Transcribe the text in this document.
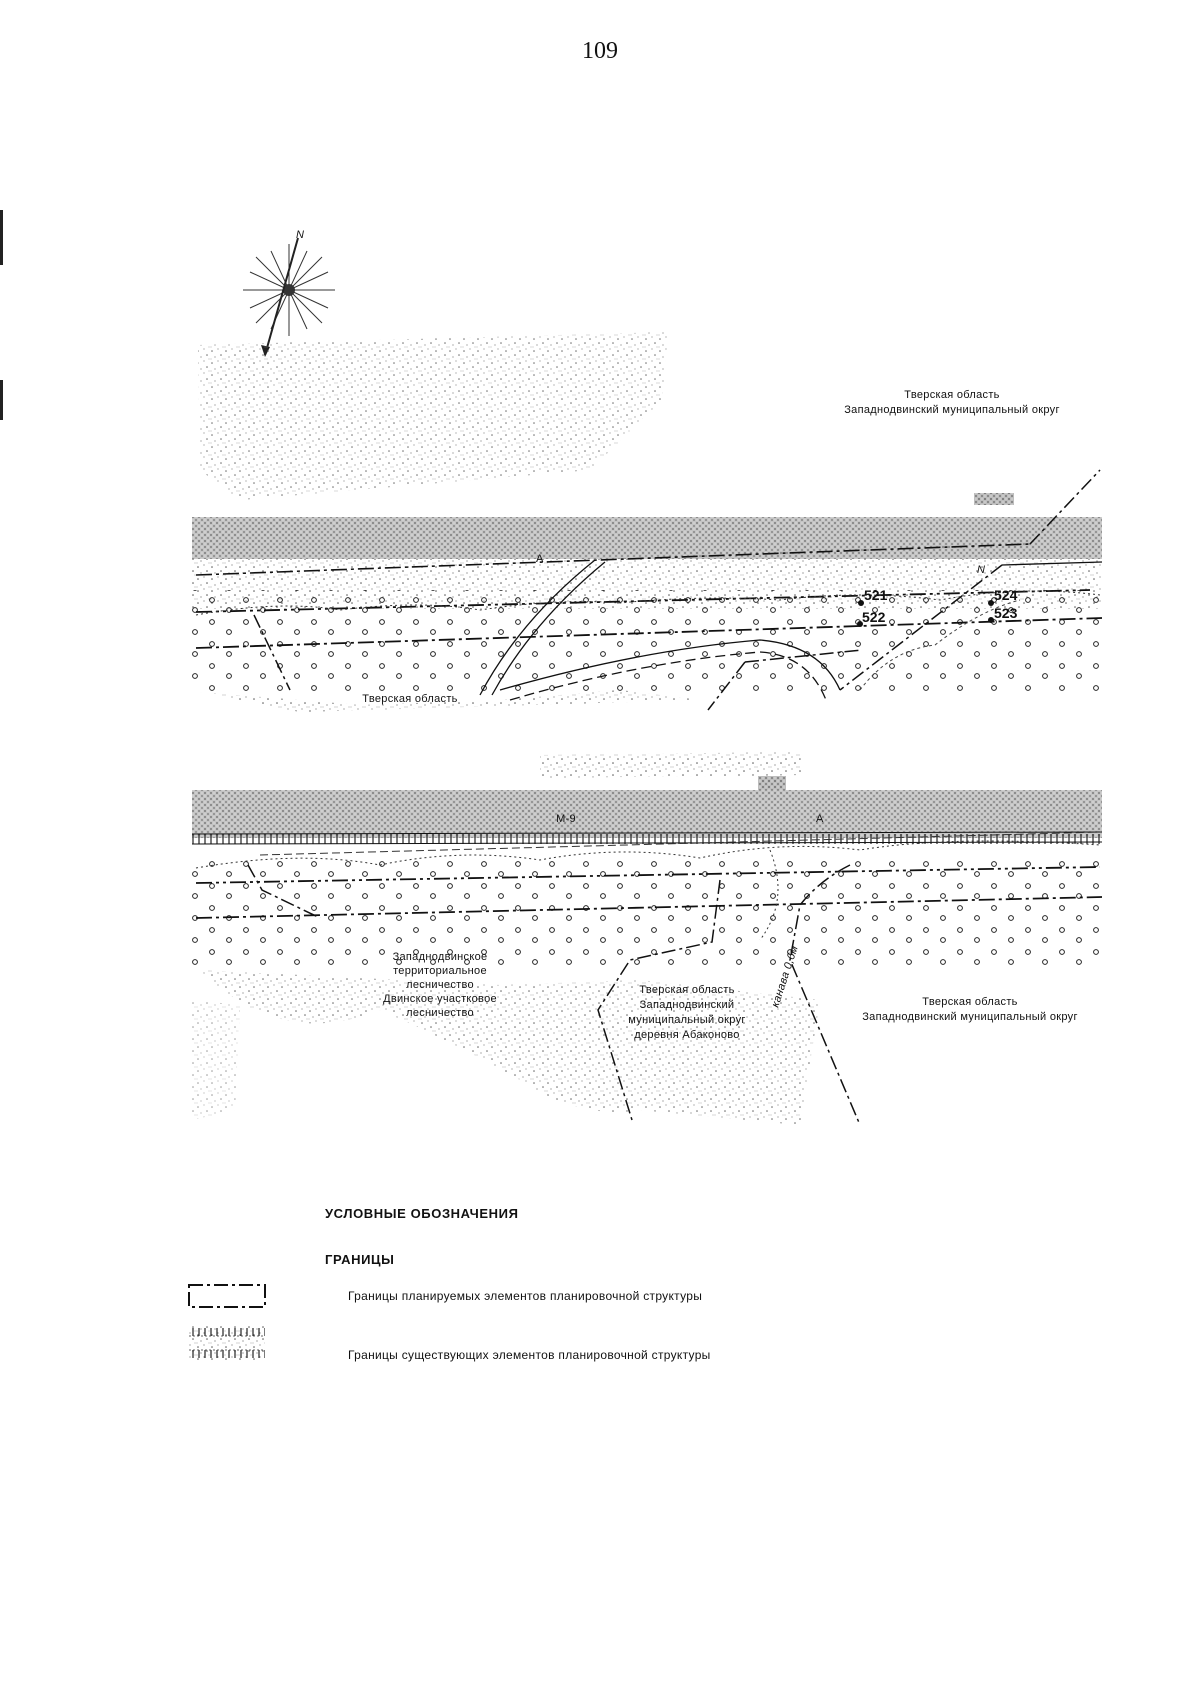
109
N
521
522	523
524
А
N
Тверская область
Западнодвинский муниципальный округ
Тверская область
М-9	А
Западнодвинское
территориальное
лесничество
Двинское участковое
лесничество
Тверская область
Западнодвинский
муниципальный округ
деревня Абаконово
Тверская область
Западнодвинский муниципальный округ
канава 0,6м
УСЛОВНЫЕ ОБОЗНАЧЕНИЯ
ГРАНИЦЫ
Границы планируемых элементов планировочной структуры
Границы существующих элементов планировочной структуры
